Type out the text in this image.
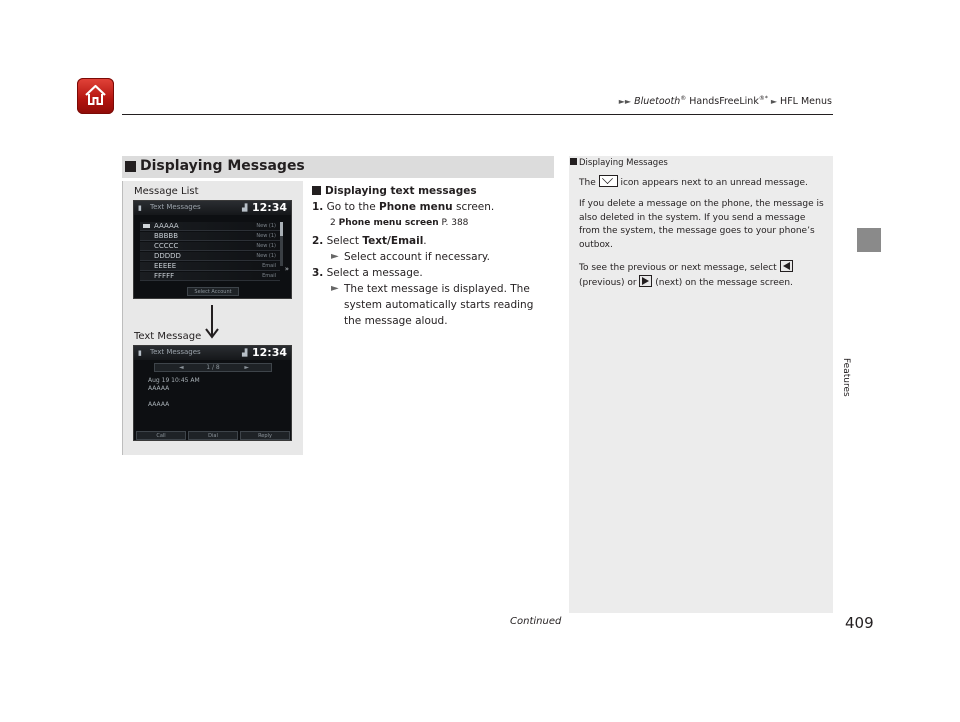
►► Bluetooth® HandsFreeLink®* ► HFL Menus
Features
Displaying Messages
Message List
▮ Text Messages	▟ 12:34
AAAAA	New (1)
BBBBB	New (1)
CCCCC	New (1)
DDDDD	New (1)
EEEEE	Email
FFFFF	Email
»
Select Account
Text Message
▮ Text Messages	▟ 12:34
◄	1 / 8	►
Aug 19 10:45 AM
AAAAA
AAAAA
Call	Dial	Reply
Displaying text messages
1. Go to the Phone menu screen.
2 Phone menu screen P. 388
2. Select Text/Email.
► Select account if necessary.
3. Select a message.
► The text message is displayed. The system automatically starts reading the message aloud.
Displaying Messages

The  icon appears next to an unread message.

If you delete a message on the phone, the message is also deleted in the system. If you send a message from the system, the message goes to your phone’s outbox.

To see the previous or next message, select

(previous) or
(next) on the message screen.

Continued	409
